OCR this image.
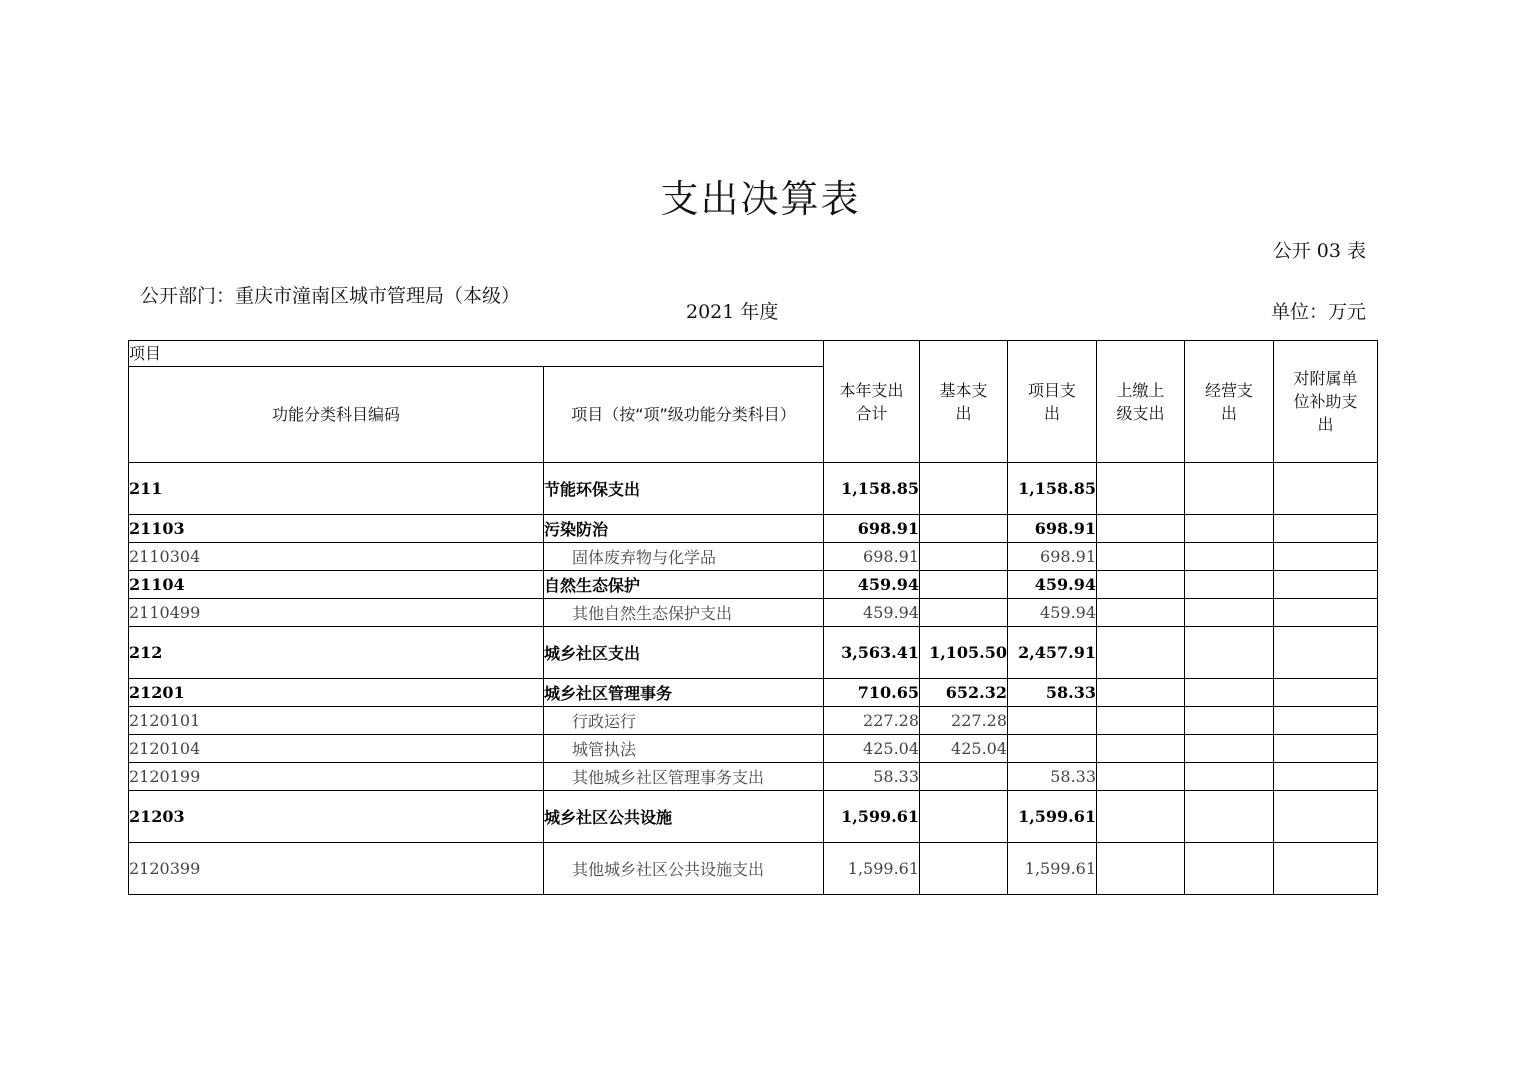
支出决算表
公开 03 表
公开部门：重庆市潼南区城市管理局（本级）
2021 年度	单位：万元
项目		本年支出合计	基本支出	项目支出	上缴上级支出	经营支出	对附属单位补助支出

功能分类科目编码	项目（按“项”级功能分类科目）						

211	节能环保支出	1,158.85		1,158.85			
21103	污染防治	698.91		698.91			
2110304	固体废弃物与化学品	698.91		698.91			
21104	自然生态保护	459.94		459.94			
2110499	其他自然生态保护支出	459.94		459.94			
212	城乡社区支出	3,563.41	1,105.50	2,457.91			
21201	城乡社区管理事务	710.65	652.32	58.33			
2120101	行政运行	227.28	227.28				
2120104	城管执法	425.04	425.04				
2120199	其他城乡社区管理事务支出	58.33		58.33			
21203	城乡社区公共设施	1,599.61		1,599.61			
2120399	其他城乡社区公共设施支出	1,599.61		1,599.61			
